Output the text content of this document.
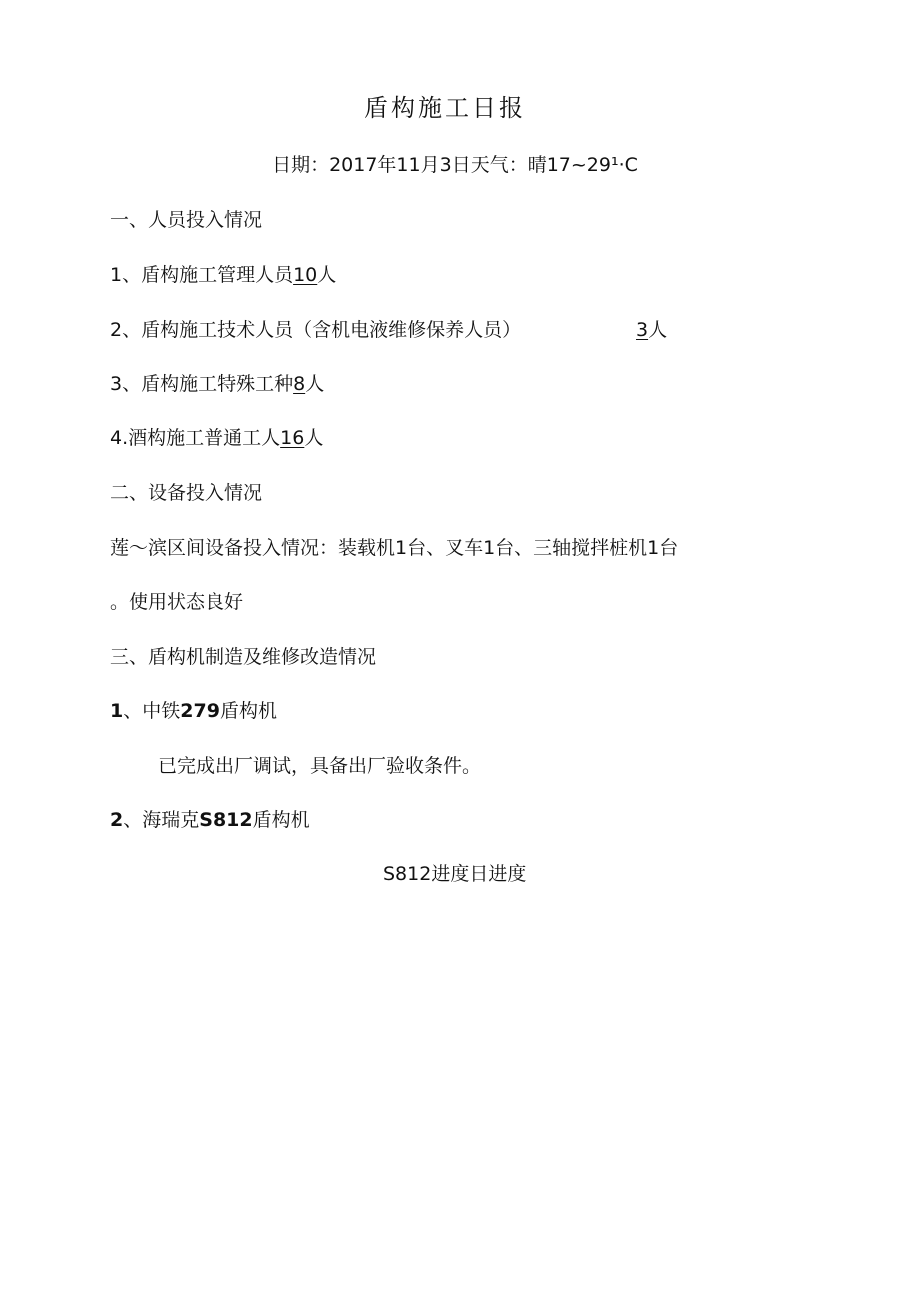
盾构施工日报
日期：2017年11月3日天气：晴17~29¹·C
一、人员投入情况
1、盾构施工管理人员10人
2、盾构施工技术人员（含机电液维修保养人员）	3人
3、盾构施工特殊工种8人
4.酒构施工普通工人16人
二、设备投入情况
莲〜滨区间设备投入情况：装载机1台、叉车1台、三轴搅拌桩机1台
。使用状态良好
三、盾构机制造及维修改造情况
1、中铁279盾构机
已完成出厂调试，具备出厂验收条件。
2、海瑞克S812盾构机
S812进度日进度
